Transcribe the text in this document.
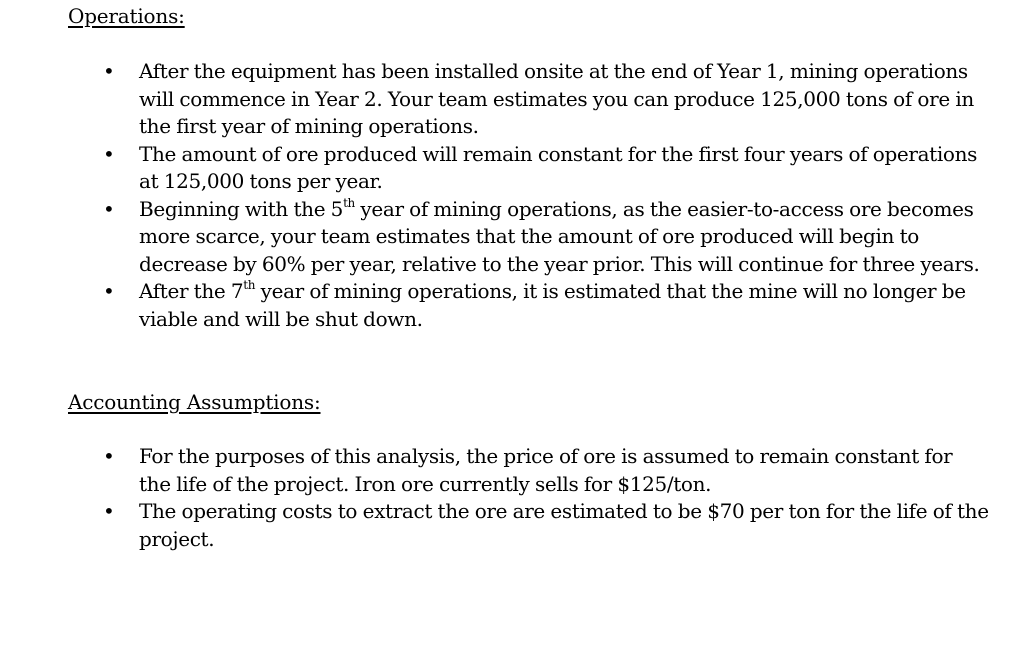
Operations:
• After the equipment has been installed onsite at the end of Year 1, mining operations will commence in Year 2. Your team estimates you can produce 125,000 tons of ore in the first year of mining operations.
• The amount of ore produced will remain constant for the first four years of operations at 125,000 tons per year.
• Beginning with the 5th year of mining operations, as the easier-to-access ore becomes more scarce, your team estimates that the amount of ore produced will begin to decrease by 60% per year, relative to the year prior. This will continue for three years.
• After the 7th year of mining operations, it is estimated that the mine will no longer be viable and will be shut down.
Accounting Assumptions:
• For the purposes of this analysis, the price of ore is assumed to remain constant for the life of the project. Iron ore currently sells for $125/ton.
• The operating costs to extract the ore are estimated to be $70 per ton for the life of the project.
